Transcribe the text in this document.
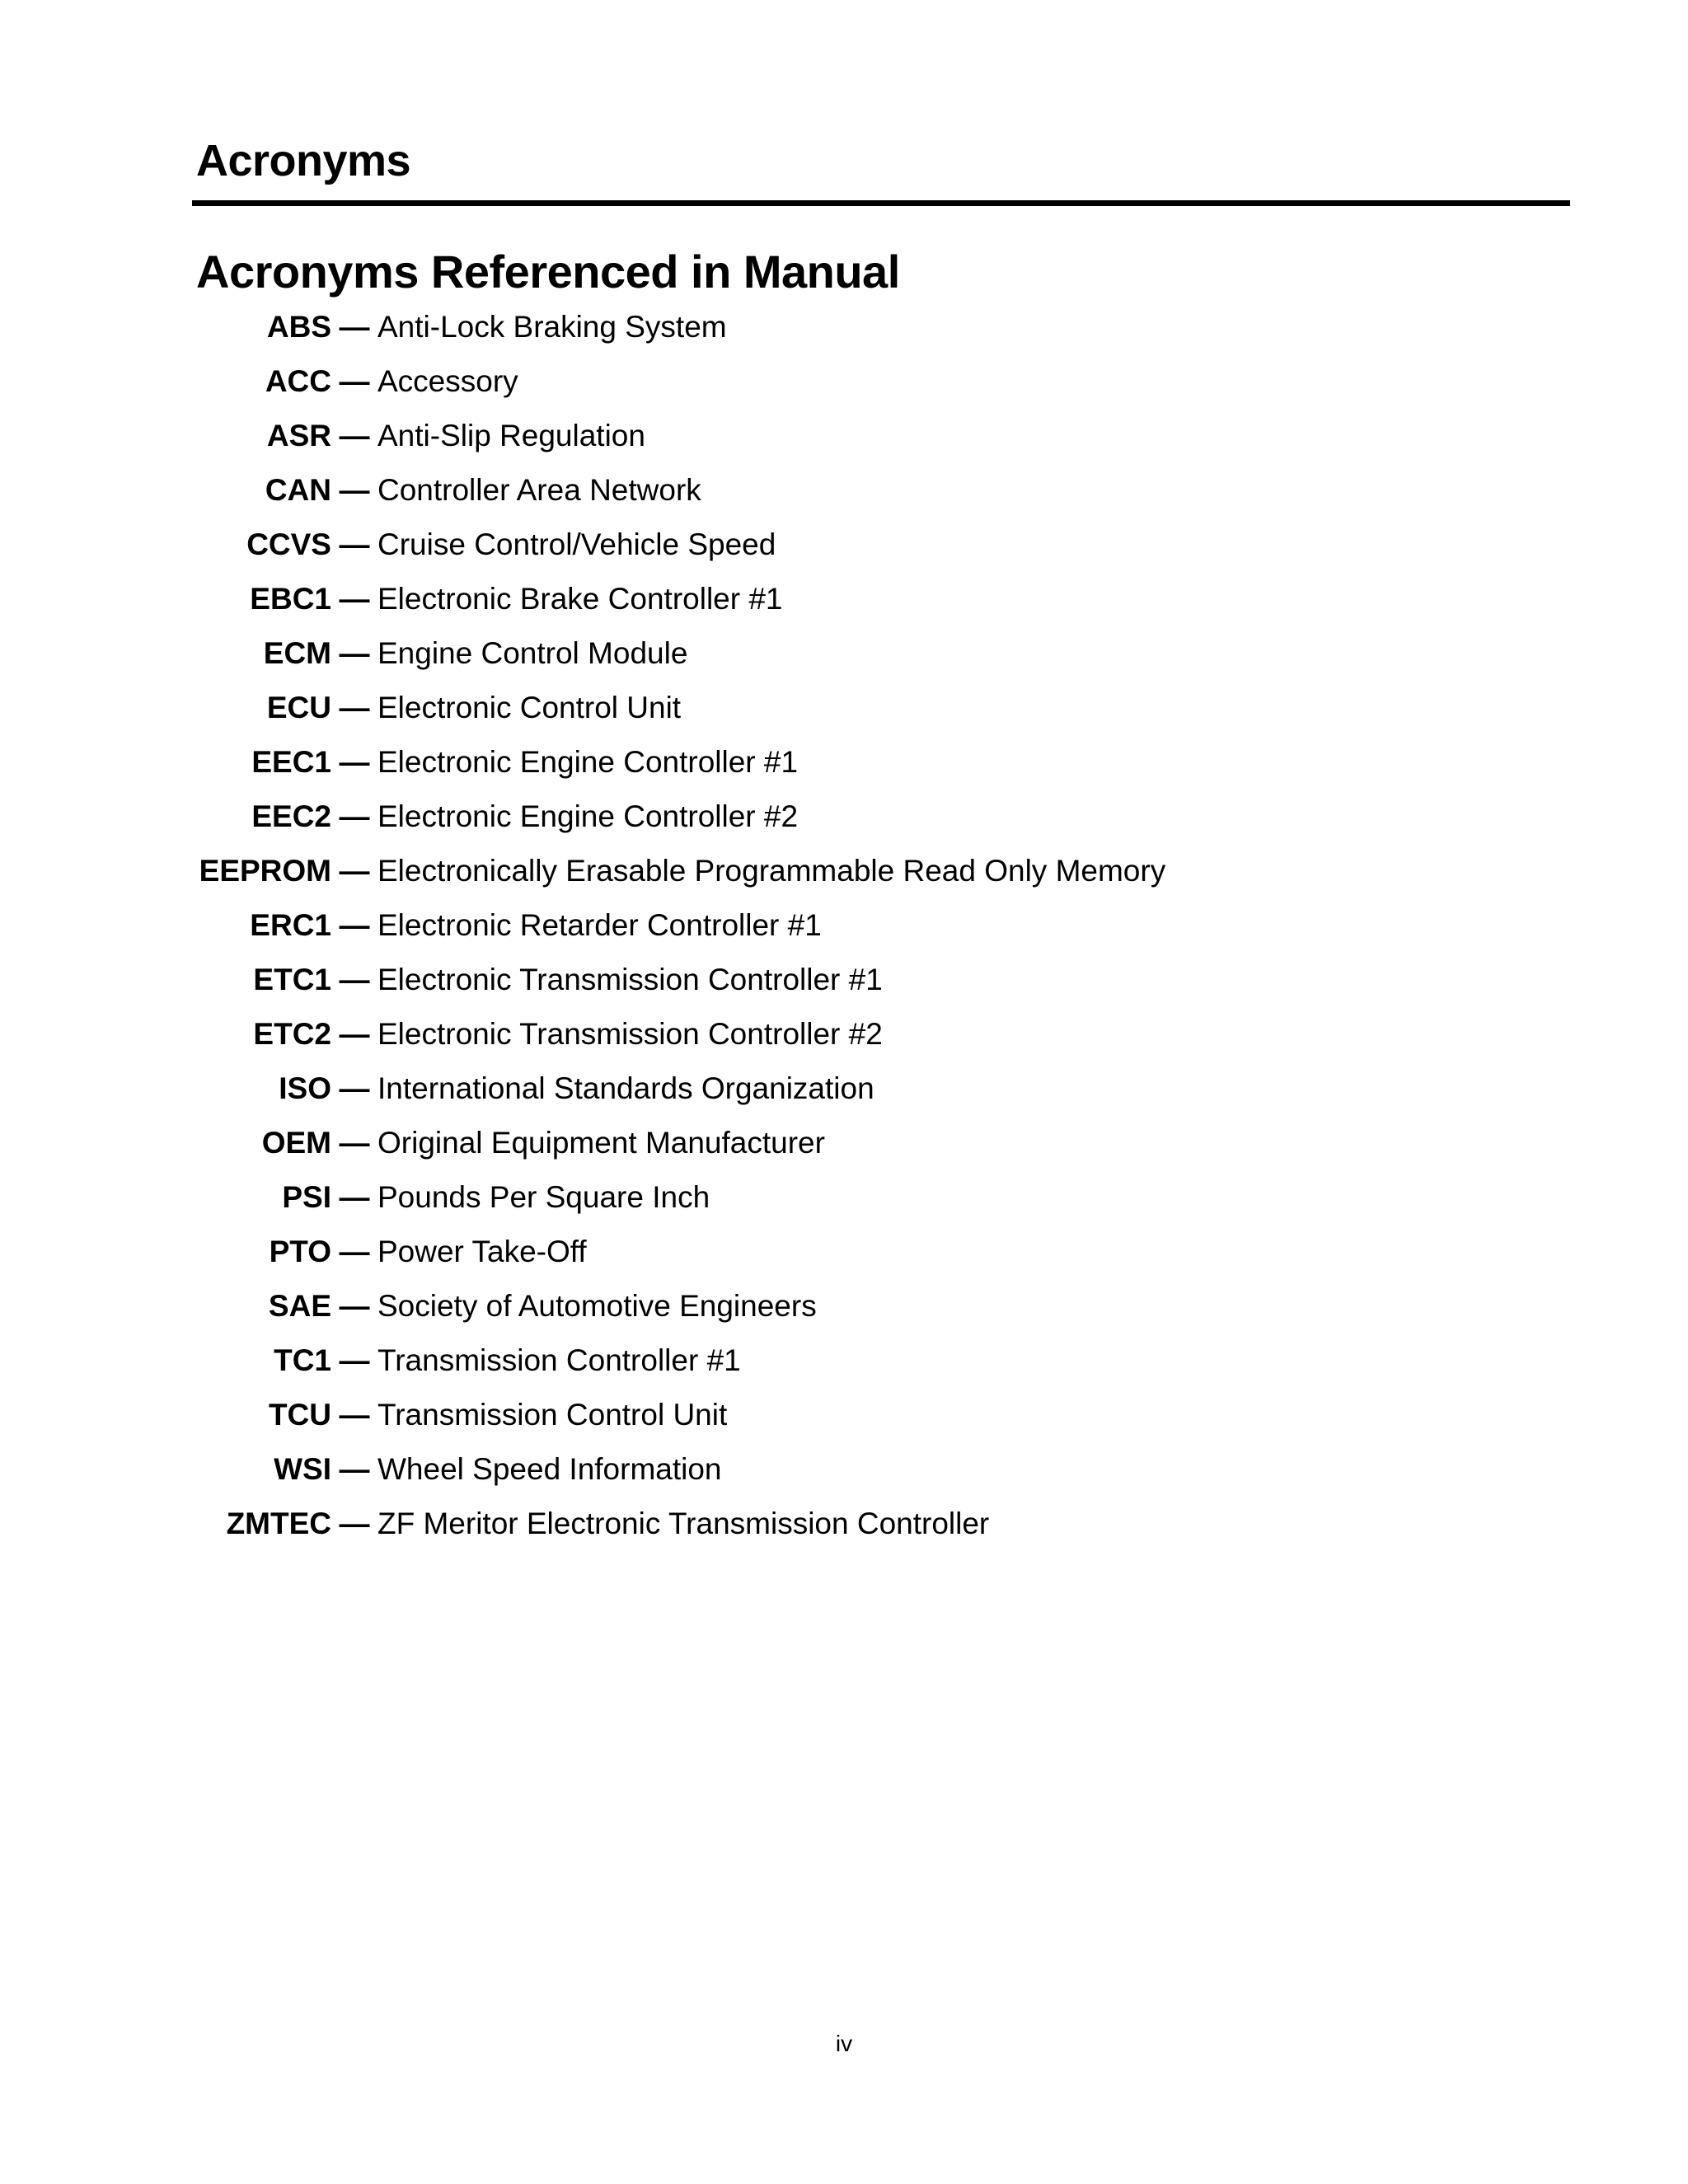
Acronyms
Acronyms Referenced in Manual
ABS — Anti-Lock Braking System
ACC — Accessory
ASR — Anti-Slip Regulation
CAN — Controller Area Network
CCVS — Cruise Control/Vehicle Speed
EBC1 — Electronic Brake Controller #1
ECM — Engine Control Module
ECU — Electronic Control Unit
EEC1 — Electronic Engine Controller #1
EEC2 — Electronic Engine Controller #2
EEPROM — Electronically Erasable Programmable Read Only Memory
ERC1 — Electronic Retarder Controller #1
ETC1 — Electronic Transmission Controller #1
ETC2 — Electronic Transmission Controller #2
ISO — International Standards Organization
OEM — Original Equipment Manufacturer
PSI — Pounds Per Square Inch
PTO — Power Take-Off
SAE — Society of Automotive Engineers
TC1 — Transmission Controller #1
TCU — Transmission Control Unit
WSI — Wheel Speed Information
ZMTEC — ZF Meritor Electronic Transmission Controller
iv
